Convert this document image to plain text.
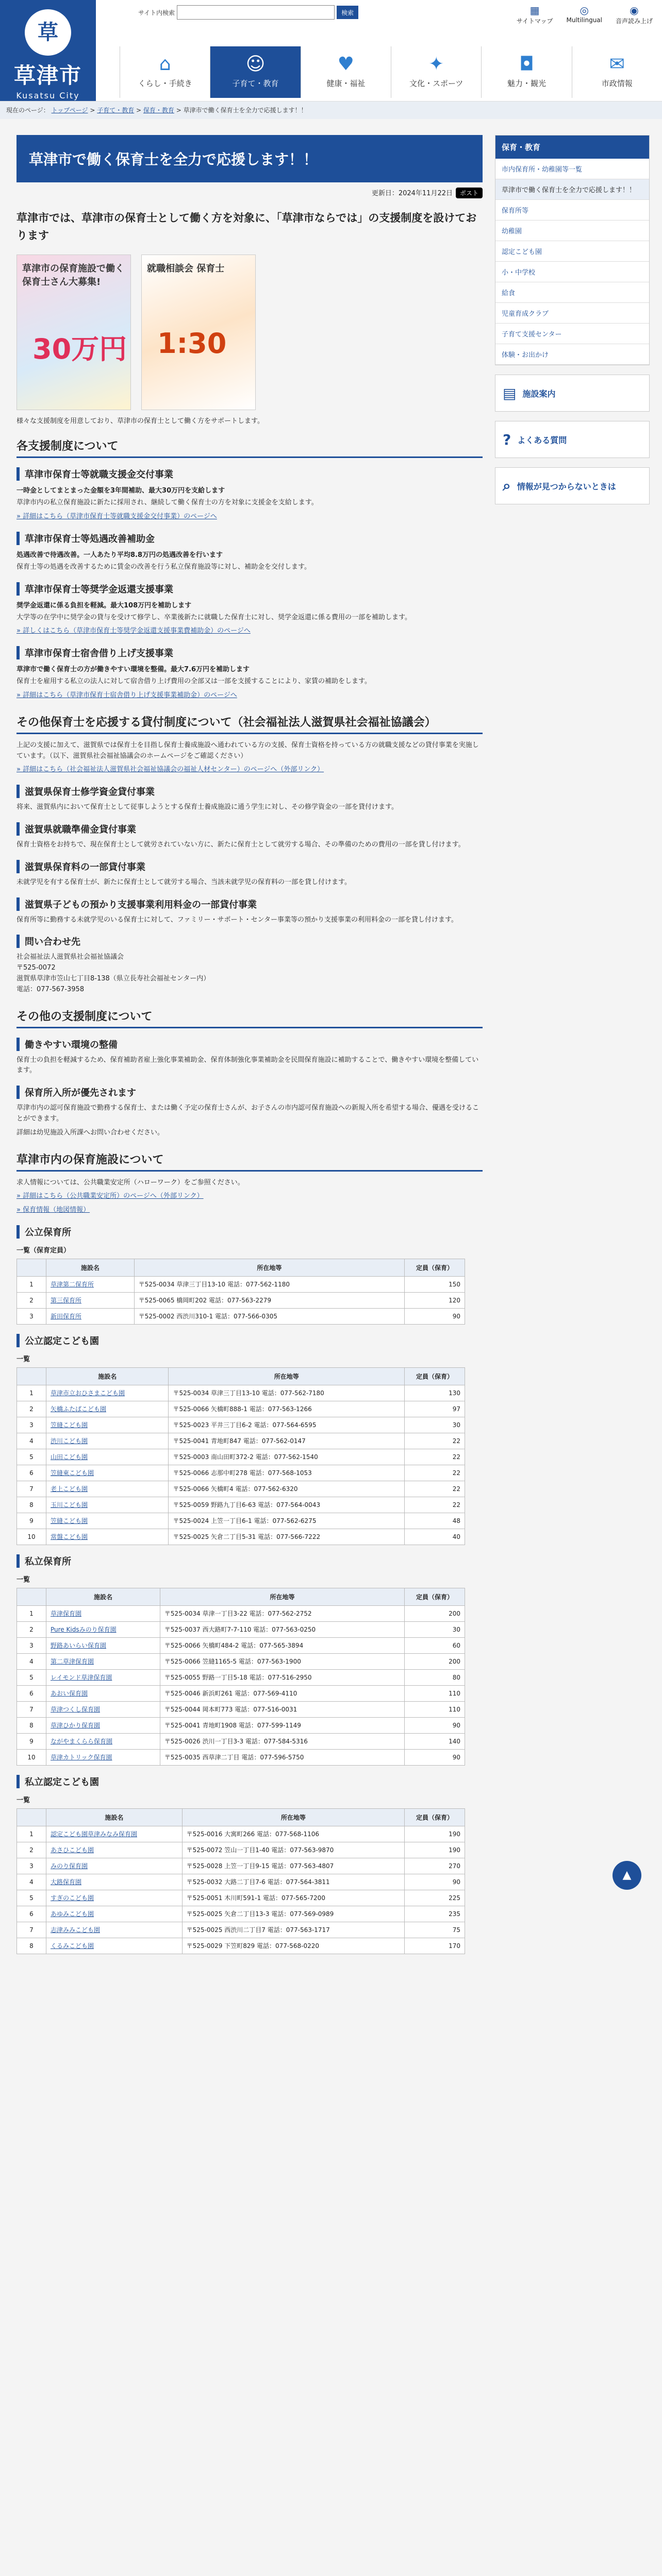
草
草津市
Kusatsu City
サイト内検索	検索	▦
サイトマップ
◎
Multilingual
◉
音声読み上げ
⌂
くらし・手続き
☺
子育て・教育
♥
健康・福祉
✦
文化・スポーツ
◘
魅力・観光
✉
市政情報
現在のページ： トップページ > 子育て・教育 > 保育・教育 > 草津市で働く保育士を全力で応援します！！
草津市で働く保育士を全力で応援します！！
更新日：2024年11月22日 ポスト
草津市では、草津市の保育士として働く方を対象に、「草津市ならでは」の支援制度を設けております
草津市の保育施設で働く保育士さん大募集!
30万円
就職相談会 保育士
1:30
様々な支援制度を用意しており、草津市の保育士として働く方をサポートします。
各支援制度について
草津市保育士等就職支援金交付事業
一時金としてまとまった金額を3年間補助、最大30万円を支給します

草津市内の私立保育施設に新たに採用され、継続して働く保育士の方を対象に支援金を支給します。

» 詳細はこちら（草津市保育士等就職支援金交付事業）のページへ

草津市保育士等処遇改善補助金
処遇改善で待遇改善。一人あたり平均8.8万円の処遇改善を行います

保育士等の処遇を改善するために賃金の改善を行う私立保育施設等に対し、補助金を交付します。

草津市保育士等奨学金返還支援事業
奨学金返還に係る負担を軽減。最大108万円を補助します

大学等の在学中に奨学金の貸与を受けて修学し、卒業後新たに就職した保育士に対し、奨学金返還に係る費用の一部を補助します。

» 詳しくはこちら（草津市保育士等奨学金返還支援事業費補助金）のページへ

草津市保育士宿舎借り上げ支援事業
草津市で働く保育士の方が働きやすい環境を整備。最大7.6万円を補助します

保育士を雇用する私立の法人に対して宿舎借り上げ費用の全部又は一部を支援することにより、家賃の補助をします。

» 詳細はこちら（草津市保育士宿舎借り上げ支援事業補助金）のページへ

その他保育士を応援する貸付制度について（社会福祉法人滋賀県社会福祉協議会）

上記の支援に加えて、滋賀県では保育士を目指し保育士養成施設へ通われている方の支援、保育士資格を持っている方の就職支援などの貸付事業を実施しています。（以下、滋賀県社会福祉協議会のホームページをご確認ください）

» 詳細はこちら（社会福祉法人滋賀県社会福祉協議会の福祉人材センター）のページへ（外部リンク）

滋賀県保育士修学資金貸付事業

将来、滋賀県内において保育士として従事しようとする保育士養成施設に通う学生に対し、その修学資金の一部を貸付けます。

滋賀県就職準備金貸付事業

保育士資格をお持ちで、現在保育士として就労されていない方に、新たに保育士として就労する場合、その準備のための費用の一部を貸し付けます。

滋賀県保育料の一部貸付事業

未就学児を有する保育士が、新たに保育士として就労する場合、当該未就学児の保育料の一部を貸し付けます。

滋賀県子どもの預かり支援事業利用料金の一部貸付事業

保育所等に勤務する未就学児のいる保育士に対して、ファミリー・サポート・センター事業等の預かり支援事業の利用料金の一部を貸し付けます。

問い合わせ先

社会福祉法人滋賀県社会福祉協議会
〒525-0072
滋賀県草津市笠山七丁目8-138（県立長寿社会福祉センター内）
電話：077-567-3958

その他の支援制度について
働きやすい環境の整備

保育士の負担を軽減するため、保育補助者雇上強化事業補助金、保育体制強化事業補助金を民間保育施設に補助することで、働きやすい環境を整備しています。

保育所入所が優先されます

草津市内の認可保育施設で勤務する保育士、または働く予定の保育士さんが、お子さんの市内認可保育施設への新規入所を希望する場合、優遇を受けることができます。

詳細は幼児施設入所課へお問い合わせください。

草津市内の保育施設について

求人情報については、公共職業安定所（ハローワーク）をご参照ください。

» 詳細はこちら（公共職業安定所）のページへ（外部リンク）

» 保育情報（地図情報）

公立保育所
一覧（保育定員）
	施設名	所在地等	定員（保育）
1	草津第二保育所	〒525-0034 草津三丁目13-10 電話：077-562-1180	150
2	第三保育所	〒525-0065 橋岡町202 電話：077-563-2279	120
3	新田保育所	〒525-0002 西渋川310-1 電話：077-566-0305	90
公立認定こども園
一覧
	施設名	所在地等	定員（保育）
1	草津市立おひさまこども園	〒525-0034 草津三丁目13-10 電話：077-562-7180	130
2	矢橋ふたばこども園	〒525-0066 矢橋町888-1 電話：077-563-1266	97
3	笠縫こども園	〒525-0023 平井三丁目6-2 電話：077-564-6595	30
4	渋川こども園	〒525-0041 青地町847 電話：077-562-0147	22
5	山田こども園	〒525-0003 南山田町372-2 電話：077-562-1540	22
6	笠縫東こども園	〒525-0066 志那中町278 電話：077-568-1053	22
7	老上こども園	〒525-0066 矢橋町4 電話：077-562-6320	22
8	玉川こども園	〒525-0059 野路九丁目6-63 電話：077-564-0043	22
9	笠縫こども園	〒525-0024 上笠一丁目6-1 電話：077-562-6275	48
10	常盤こども園	〒525-0025 矢倉二丁目5-31 電話：077-566-7222	40
私立保育所
一覧
	施設名	所在地等	定員（保育）
1	草津保育園	〒525-0034 草津一丁目3-22 電話：077-562-2752	200
2	Pure Kidsみのり保育園	〒525-0037 西大路町7-7-110 電話：077-563-0250	30
3	野路あいらい保育園	〒525-0066 矢橋町484-2 電話：077-565-3894	60
4	第二草津保育園	〒525-0066 笠縫1165-5 電話：077-563-1900	200
5	レイモンド草津保育園	〒525-0055 野路一丁目5-18 電話：077-516-2950	80
6	あおい保育園	〒525-0046 新浜町261 電話：077-569-4110	110
7	草津つくし保育園	〒525-0044 岡本町773 電話：077-516-0031	110
8	草津ひかり保育園	〒525-0041 青地町1908 電話：077-599-1149	90
9	ながやまくらら保育園	〒525-0026 渋川一丁目3-3 電話：077-584-5316	140
10	草津カトリック保育園	〒525-0035 西草津二丁目 電話：077-596-5750	90
私立認定こども園
一覧
	施設名	所在地等	定員（保育）
1	認定こども園草津みなみ保育園	〒525-0016 大寓町266 電話：077-568-1106	190
2	あさひこども園	〒525-0072 笠山一丁目1-40 電話：077-563-9870	190
3	みのり保育園	〒525-0028 上笠一丁目9-15 電話：077-563-4807	270
4	大路保育園	〒525-0032 大路二丁目7-6 電話：077-564-3811	90
5	すぎのこども園	〒525-0051 木川町591-1 電話：077-565-7200	225
6	あゆみこども園	〒525-0025 矢倉二丁目13-3 電話：077-569-0989	235
7	志津みみこども園	〒525-0025 西渋川二丁目7 電話：077-563-1717	75
8	くるみこども園	〒525-0029 下笠町829 電話：077-568-0220	170
保育・教育
市内保育所・幼稚園等一覧
草津市で働く保育士を全力で応援します！！
保育所等
幼稚園
認定こども園
小・中学校
給食
児童育成クラブ
子育て支援センター
体験・お出かけ
▤ 施設案内
? よくある質問
⌕ 情報が見つからないときは
▲
